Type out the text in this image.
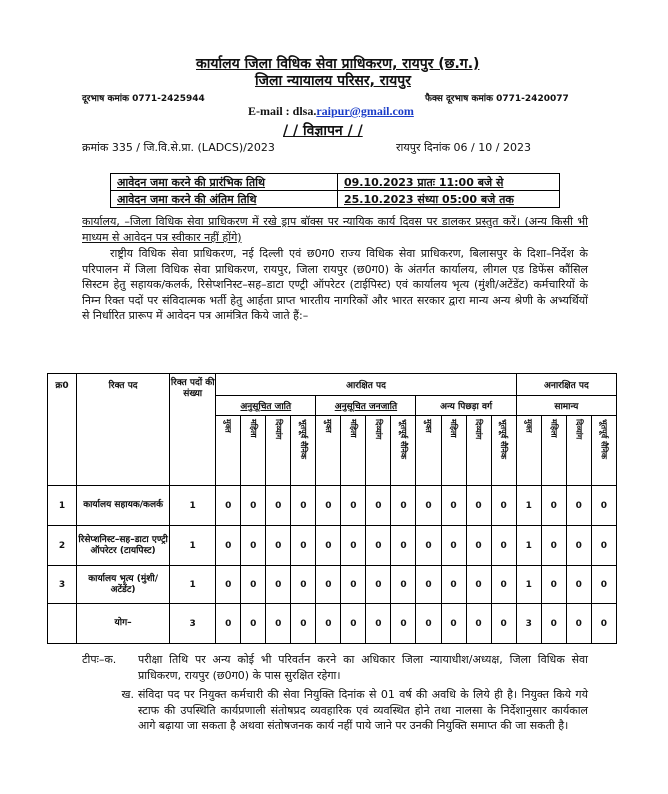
कार्यालय जिला विधिक सेवा प्राधिकरण, रायपुर (छ.ग.)
जिला न्यायालय परिसर, रायपुर
दूरभाष कमांक 0771-2425944	फैक्स दूरभाष कमांक 0771-2420077
E-mail : dlsa.raipur@gmail.com
/ / विज्ञापन / /
क्रमांक 335 / जि.वि.से.प्रा. (LADCS)/2023	रायपुर दिनांक 06 / 10 / 2023
आवेदन जमा करने की प्रारंभिक तिथि	09.10.2023 प्रातः 11:00 बजे से
आवेदन जमा करने की अंतिम तिथि	25.10.2023 संध्या 05:00 बजे तक
कार्यालय, –जिला विधिक सेवा प्राधिकरण में रखे ड्राप बॉक्स पर न्यायिक कार्य दिवस पर डालकर प्रस्तुत करें। (अन्य किसी भी माध्यम से आवेदन पत्र स्वीकार नहीं होंगे)
राष्ट्रीय विधिक सेवा प्राधिकरण, नई दिल्ली एवं छ0ग0 राज्य विधिक सेवा प्राधिकरण, बिलासपुर के दिशा–निर्देश के परिपालन में जिला विधिक सेवा प्राधिकरण, रायपुर, जिला रायपुर (छ0ग0) के अंतर्गत कार्यालय, लीगल एड डिफेंस कौंसिल सिस्टम हेतु सहायक/कलर्क, रिसेप्शनिस्ट–सह–डाटा एण्ट्री ऑपरेटर (टाईपिस्ट) एवं कार्यालय भृत्य (मुंशी/अटेंडेंट) कर्मचारियों के निम्न रिक्त पदों पर संविदात्मक भर्ती हेतु आर्हता प्राप्त भारतीय नागरिकों और भारत सरकार द्वारा मान्य अन्य श्रेणी के अभ्यर्थियों से निर्धारित प्रारूप में आवेदन पत्र आमंत्रित किये जाते हैं:–
क्र0	रिक्त पद	रिक्त पदों की संख्या	आरक्षित पद												अनारक्षित पद			
			अनुसूचित जाति				अनुसूचित जनजाति				अन्य पिछड़ा वर्ग				सामान्य			

			मुक्त	महिला	दिव्यांग	भूतपूर्व सैनिक	मुक्त	महिला	दिव्यांग	भूतपूर्व सैनिक	मुक्त	महिला	दिव्यांग	भूतपूर्व सैनिक	मुक्त	महिला	दिव्यांग	भूतपूर्व सैनिक

1	कार्यालय सहायक/कलर्क	1	0	0	0	0	0	0	0	0	0	0	0	0	1	0	0	0
2	रिसेप्शनिस्ट–सह–डाटा एण्ट्री ऑपरेटर (टायपिस्ट)	1	0	0	0	0	0	0	0	0	0	0	0	0	1	0	0	0
3	कार्यालय भृत्य (मुंशी/अटेंडेंट)	1	0	0	0	0	0	0	0	0	0	0	0	0	1	0	0	0
	योग–	3	0	0	0	0	0	0	0	0	0	0	0	0	3	0	0	0
टीपः–क.	परीक्षा तिथि पर अन्य कोई भी परिवर्तन करने का अधिकार जिला न्यायाधीश/अध्यक्ष, जिला विधिक सेवा प्राधिकरण, रायपुर (छ0ग0) के पास सुरक्षित रहेगा।
ख. संविदा पद पर नियुक्त कर्मचारी की सेवा नियुक्ति दिनांक से 01 वर्ष की अवधि के लिये ही है। नियुक्त किये गये स्टाफ की उपस्थिति कार्यप्रणाली संतोषप्रद व्यवहारिक एवं व्यवस्थित होने तथा नालसा के निर्देशानुसार कार्यकाल आगे बढ़ाया जा सकता है अथवा संतोषजनक कार्य नहीं पाये जाने पर उनकी नियुक्ति समाप्त की जा सकती है।
